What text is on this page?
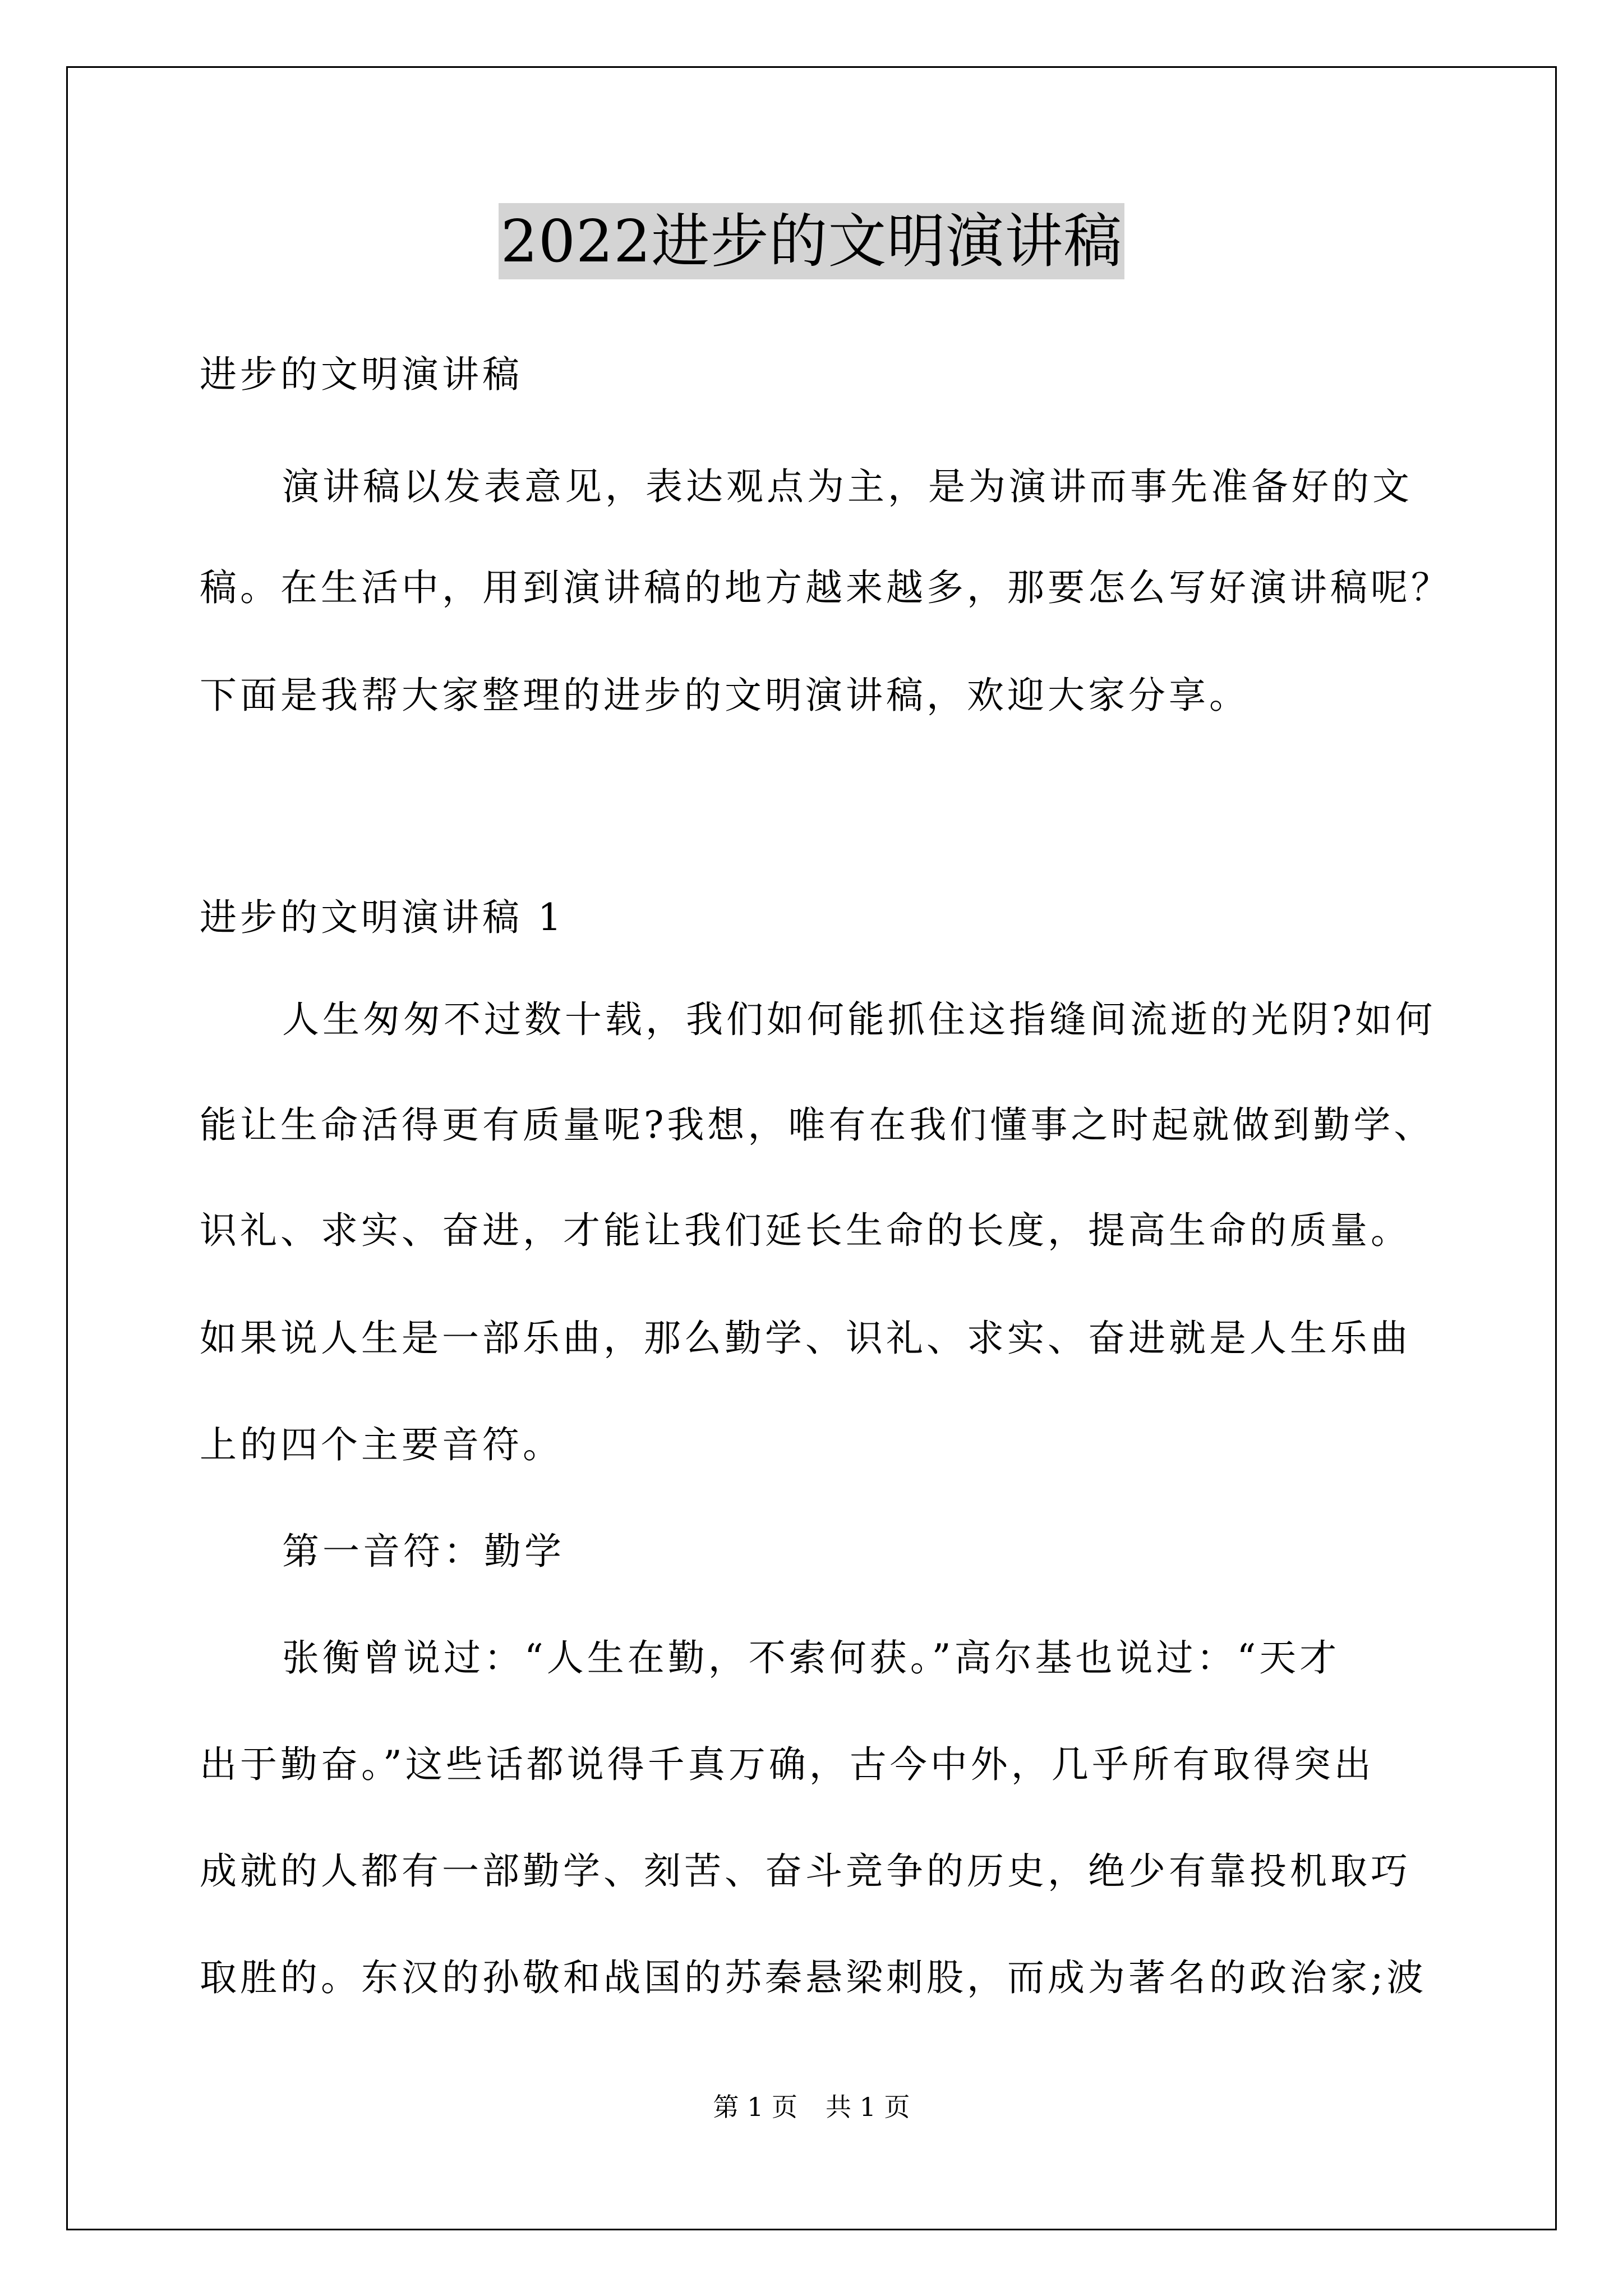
2022进步的文明演讲稿
进步的文明演讲稿
演讲稿以发表意见，表达观点为主，是为演讲而事先准备好的文
稿。在生活中，用到演讲稿的地方越来越多，那要怎么写好演讲稿呢？
下面是我帮大家整理的进步的文明演讲稿，欢迎大家分享。
进步的文明演讲稿 1
人生匆匆不过数十载，我们如何能抓住这指缝间流逝的光阴?如何
能让生命活得更有质量呢?我想，唯有在我们懂事之时起就做到勤学、
识礼、求实、奋进，才能让我们延长生命的长度，提高生命的质量。
如果说人生是一部乐曲，那么勤学、识礼、求实、奋进就是人生乐曲
上的四个主要音符。
第一音符：勤学
张衡曾说过：“人生在勤，不索何获。”高尔基也说过：“天才
出于勤奋。”这些话都说得千真万确，古今中外，几乎所有取得突出
成就的人都有一部勤学、刻苦、奋斗竞争的历史，绝少有靠投机取巧
取胜的。东汉的孙敬和战国的苏秦悬梁刺股，而成为著名的政治家;波
第 1 页 共 1 页
